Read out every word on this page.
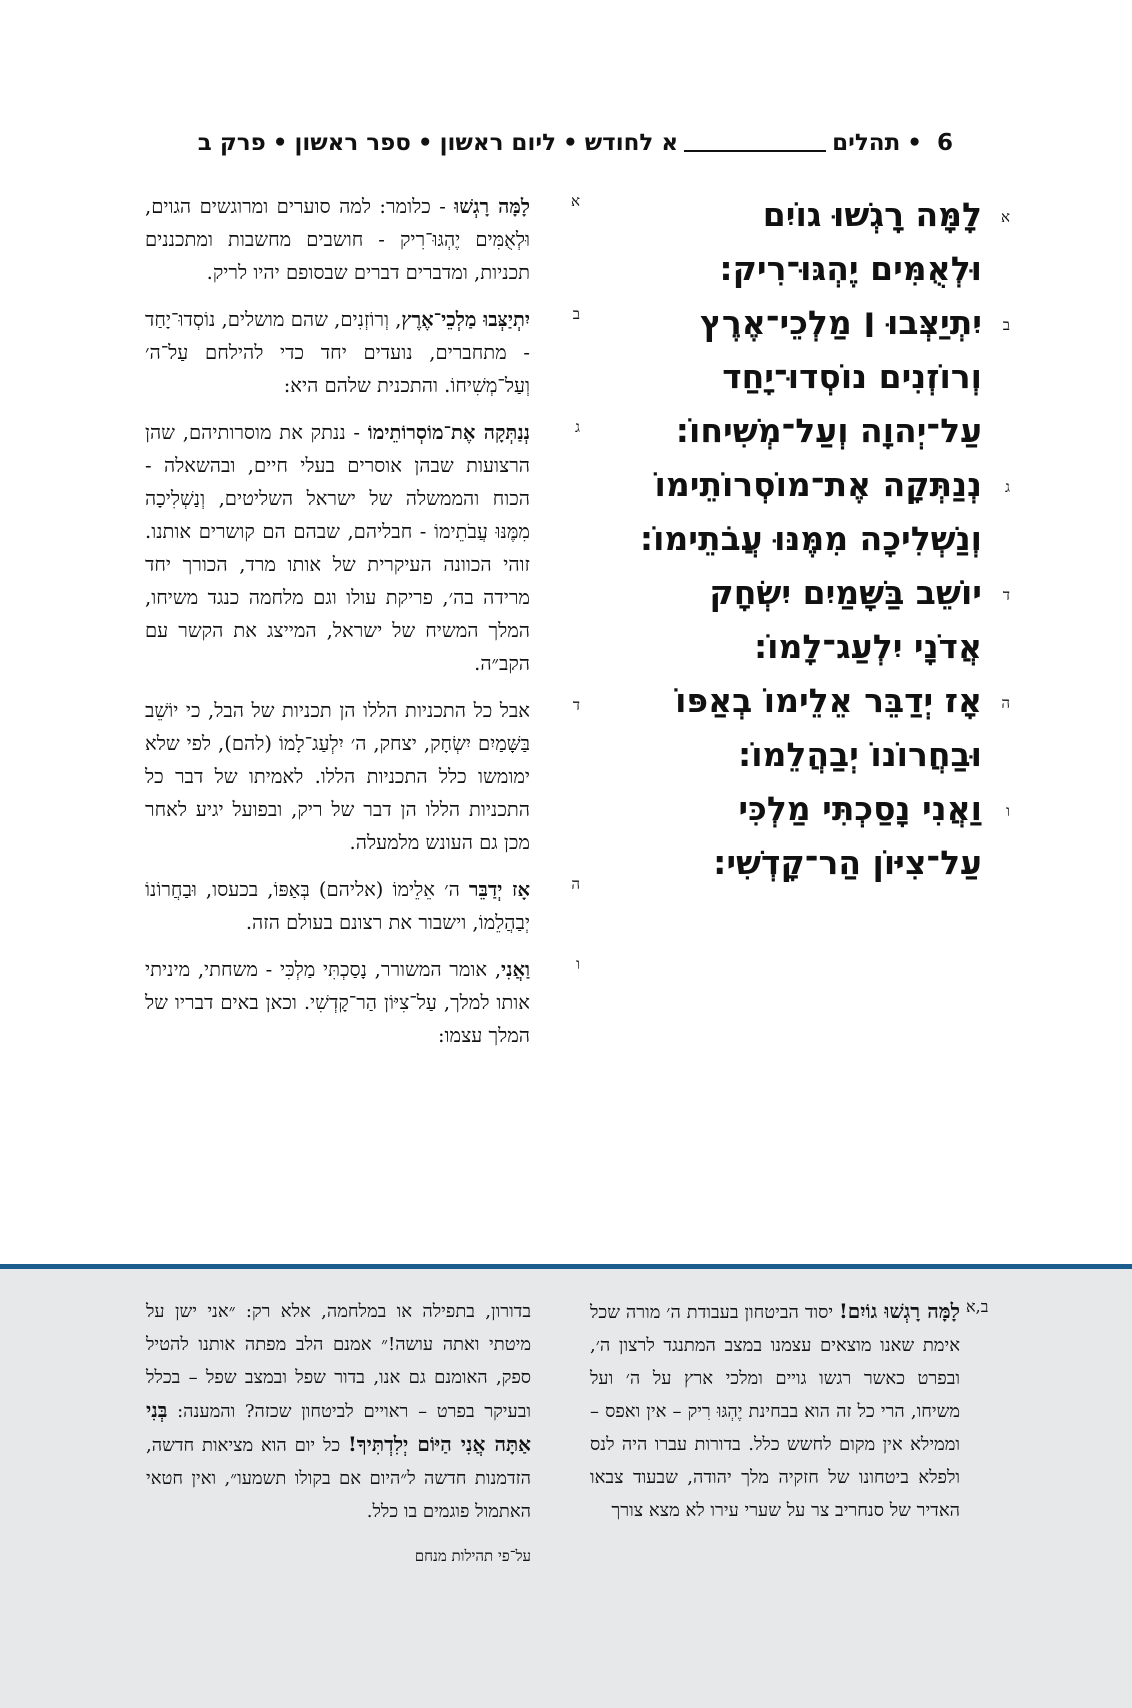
6
•
תהלים
א לחודש
•
ליום ראשון
•
ספר ראשון
•
פרק ב
א
לָמָּה רָגְשׁוּ גוֹיִם
וּלְאֻמִּים יֶהְגּוּ־רִיק:
ב
יִתְיַצְּבוּ ׀ מַלְכֵי־אֶרֶץ
וְרוֹזְנִים נוֹסְדוּ־יָחַד
עַל־יְהוָה וְעַל־מְשִׁיחוֹ:
ג
נְנַתְּקָה אֶת־מוֹסְרוֹתֵימוֹ
וְנַשְׁלִיכָה מִמֶּנּוּ עֲבֹתֵימוֹ:
ד
יוֹשֵׁב בַּשָּׁמַיִם יִשְׂחָק
אֲדֹנָי יִלְעַג־לָמוֹ:
ה
אָז יְדַבֵּר אֵלֵימוֹ בְאַפּוֹ
וּבַחֲרוֹנוֹ יְבַהֲלֵמוֹ:
ו
וַאֲנִי נָסַכְתִּי מַלְכִּי
עַל־צִיּוֹן הַר־קָדְשִׁי:
א

לָמָּה רָגְשׁוּ - כלומר: למה סוערים ומרוגשים הגוים, וּלְאֻמִּים יֶהְגּוּ־רִיק - חושבים מחשבות ומתכננים תכניות, ומדברים דברים שבסופם יהיו לריק.

ב

יִתְיַצְּבוּ מַלְכֵי־אֶרֶץ, וְרוֹזְנִים, שהם מושלים, נוֹסְדוּ־יָחַד - מתחברים, נועדים יחד כדי להילחם עַל־ה׳ וְעַל־מְשִׁיחוֹ. והתכנית שלהם היא:

ג

נְנַתְּקָה אֶת־מוֹסְרוֹתֵימוֹ - ננתק את מוסרותיהם, שהן הרצועות שבהן אוסרים בעלי חיים, ובהשאלה - הכוח והממשלה של ישראל השליטים, וְנַשְׁלִיכָה מִמֶּנּוּ עֲבֹתֵימוֹ - חבליהם, שבהם הם קושרים אותנו. זוהי הכוונה העיקרית של אותו מרד, הכורך יחד מרידה בה׳, פריקת עולו וגם מלחמה כנגד משיחו, המלך המשיח של ישראל, המייצג את הקשר עם הקב״ה.

ד

אבל כל התכניות הללו הן תכניות של הבל, כי יוֹשֵׁב בַּשָּׁמַיִם יִשְׂחָק, יצחק, ה׳ יִלְעַג־לָמוֹ (להם), לפי שלא ימומשו כלל התכניות הללו. לאמיתו של דבר כל התכניות הללו הן דבר של ריק, ובפועל יגיע לאחר מכן גם העונש מלמעלה.

ה

אָז יְדַבֵּר ה׳ אֵלֵימוֹ (אליהם) בְּאַפּוֹ, בכעסו, וּבַחֲרוֹנוֹ יְבַהֲלֵמוֹ, וישבור את רצונם בעולם הזה.

ו

וַאֲנִי, אומר המשורר, נָסַכְתִּי מַלְכִּי - משחתי, מיניתי אותו למלך, עַל־צִיּוֹן הַר־קָדְשִׁי. וכאן באים דבריו של המלך עצמו:

ב,א
לָמָּה רָגְשׁוּ גוֹיִם! יסוד הביטחון בעבודת ה׳ מורה שכל אימת שאנו מוצאים עצמנו במצב המתנגד לרצון ה׳, ובפרט כאשר רגשו גויים ומלכי ארץ על ה׳ ועל משיחו, הרי כל זה הוא בבחינת יֶהְגּוּ רִיק – אין ואפס – וממילא אין מקום לחשש כלל. בדורות עברו היה לנס ולפלא ביטחונו של חזקיה מלך יהודה, שבעוד צבאו האדיר של סנחריב צר על שערי עירו לא מצא צורך
בדורון, בתפילה או במלחמה, אלא רק: ״אני ישן על מיטתי ואתה עושה!״ אמנם הלב מפתה אותנו להטיל ספק, האומנם גם אנו, בדור שפל ובמצב שפל – בכלל ובעיקר בפרט – ראויים לביטחון שכזה? והמענה: בְּנִי אַתָּה אֲנִי הַיּוֹם יְלִדְתִּיךָ! כל יום הוא מציאות חדשה, הזדמנות חדשה ל״היום אם בקולו תשמעו״, ואין חטאי האתמול פוגמים בו כלל.
על־פי תהילות מנחם
